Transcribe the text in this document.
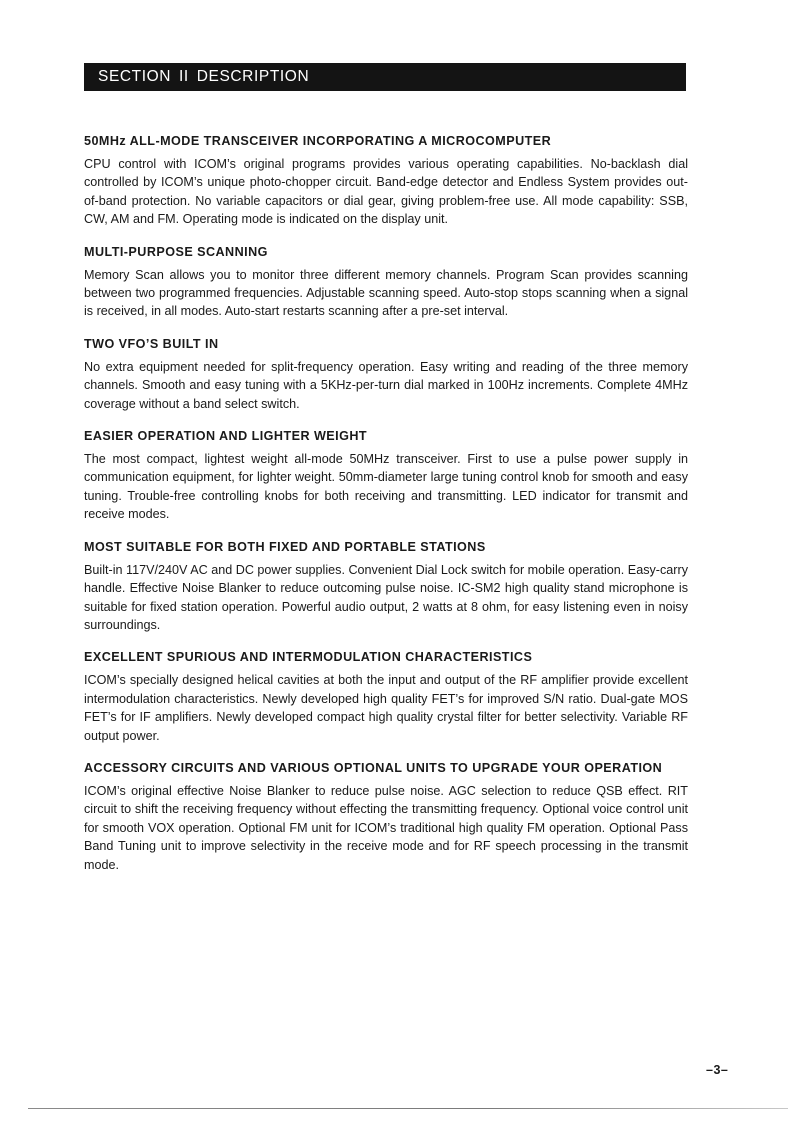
SECTION II DESCRIPTION
50MHz ALL-MODE TRANSCEIVER INCORPORATING A MICROCOMPUTER

CPU control with ICOM’s original programs provides various operating capabilities. No-backlash dial controlled by ICOM’s unique photo-chopper circuit. Band-edge detector and Endless System provides out-of-band protection. No variable capacitors or dial gear, giving problem-free use. All mode capability: SSB, CW, AM and FM. Operating mode is indicated on the display unit.

MULTI-PURPOSE SCANNING

Memory Scan allows you to monitor three different memory channels. Program Scan provides scanning between two programmed frequencies. Adjustable scanning speed. Auto-stop stops scanning when a signal is received, in all modes. Auto-start restarts scanning after a pre-set interval.

TWO VFO’S BUILT IN

No extra equipment needed for split-frequency operation. Easy writing and reading of the three memory channels. Smooth and easy tuning with a 5KHz-per-turn dial marked in 100Hz increments. Complete 4MHz coverage without a band select switch.

EASIER OPERATION AND LIGHTER WEIGHT

The most compact, lightest weight all-mode 50MHz transceiver. First to use a pulse power supply in communication equipment, for lighter weight. 50mm-diameter large tuning control knob for smooth and easy tuning. Trouble-free controlling knobs for both receiving and transmitting. LED indicator for transmit and receive modes.

MOST SUITABLE FOR BOTH FIXED AND PORTABLE STATIONS

Built-in 117V/240V AC and DC power supplies. Convenient Dial Lock switch for mobile operation. Easy-carry handle. Effective Noise Blanker to reduce outcoming pulse noise. IC-SM2 high quality stand microphone is suitable for fixed station operation. Powerful audio output, 2 watts at 8 ohm, for easy listening even in noisy surroundings.

EXCELLENT SPURIOUS AND INTERMODULATION CHARACTERISTICS

ICOM’s specially designed helical cavities at both the input and output of the RF amplifier provide excellent intermodulation characteristics. Newly developed high quality FET’s for improved S/N ratio. Dual-gate MOS FET’s for IF amplifiers. Newly developed compact high quality crystal filter for better selectivity. Variable RF output power.

ACCESSORY CIRCUITS AND VARIOUS OPTIONAL UNITS TO UPGRADE YOUR OPERATION

ICOM’s original effective Noise Blanker to reduce pulse noise. AGC selection to reduce QSB effect. RIT circuit to shift the receiving frequency without effecting the transmitting frequency. Optional voice control unit for smooth VOX operation. Optional FM unit for ICOM’s traditional high quality FM operation. Optional Pass Band Tuning unit to improve selectivity in the receive mode and for RF speech processing in the transmit mode.

–3–
